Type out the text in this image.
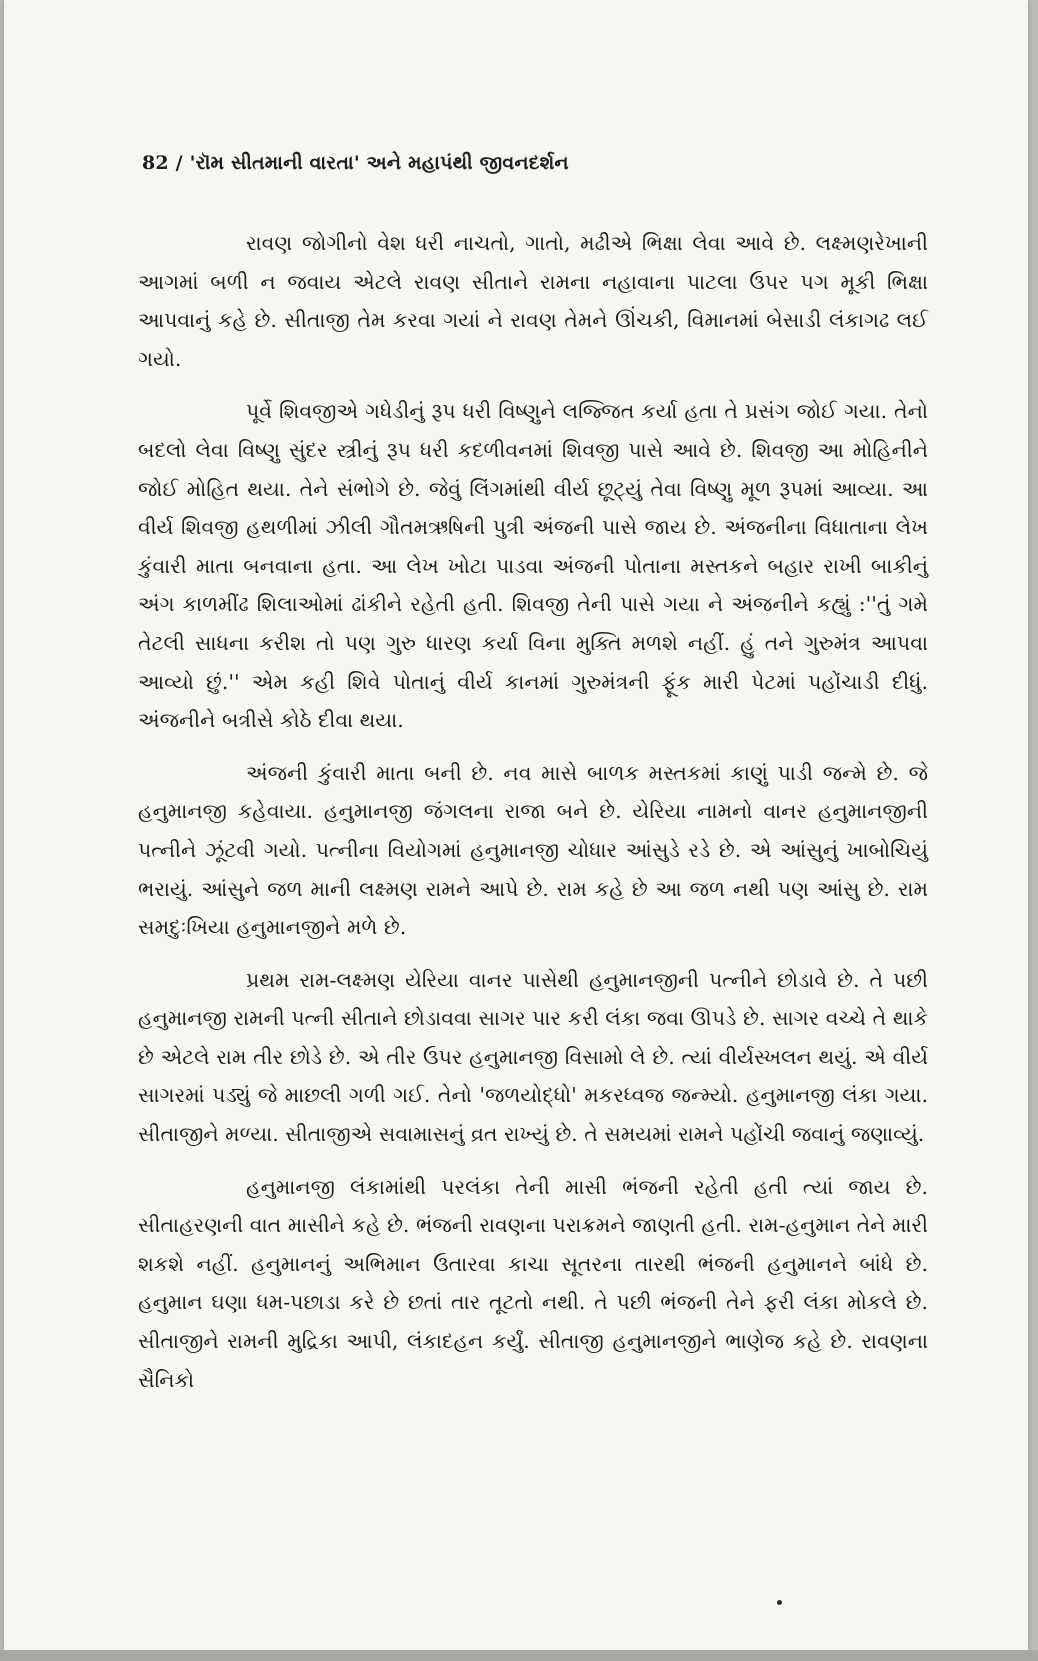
82 / 'રૉમ સીતમાની વારતા' અને મહાપંથી જીવનદર્શન

રાવણ જોગીનો વેશ ધરી નાચતો, ગાતો, મઢીએ ભિક્ષા લેવા આવે છે. લક્ષ્મણરેખાની આગમાં બળી ન જવાય એટલે રાવણ સીતાને રામના નહાવાના પાટલા ઉપર પગ મૂકી ભિક્ષા આપવાનું કહે છે. સીતાજી તેમ કરવા ગયાં ને રાવણ તેમને ઊંચકી, વિમાનમાં બેસાડી લંકાગઢ લઈ ગયો.

પૂર્વે શિવજીએ ગધેડીનું રૂપ ધરી વિષ્ણુને લજ્જિત કર્યા હતા તે પ્રસંગ જોઈ ગયા. તેનો બદલો લેવા વિષ્ણુ સુંદર સ્ત્રીનું રૂપ ધરી કદળીવનમાં શિવજી પાસે આવે છે. શિવજી આ મોહિનીને જોઈ મોહિત થયા. તેને સંભોગે છે. જેવું લિંગમાંથી વીર્ય છૂટ્યું તેવા વિષ્ણુ મૂળ રૂપમાં આવ્યા. આ વીર્ય શિવજી હથળીમાં ઝીલી ગૌતમઋષિની પુત્રી અંજની પાસે જાય છે. અંજનીના વિધાતાના લેખ કુંવારી માતા બનવાના હતા. આ લેખ ખોટા પાડવા અંજની પોતાના મસ્તકને બહાર રાખી બાકીનું અંગ કાળમીંઢ શિલાઓમાં ઢાંકીને રહેતી હતી. શિવજી તેની પાસે ગયા ને અંજનીને કહ્યું :''તું ગમે તેટલી સાધના કરીશ તો પણ ગુરુ ધારણ કર્યા વિના મુક્તિ મળશે નહીં. હું તને ગુરુમંત્ર આપવા આવ્યો છું.'' એમ કહી શિવે પોતાનું વીર્ય કાનમાં ગુરુમંત્રની ફૂંક મારી પેટમાં પહોંચાડી દીધું. અંજનીને બત્રીસે કોઠે દીવા થયા.

અંજની કુંવારી માતા બની છે. નવ માસે બાળક મસ્તકમાં કાણું પાડી જન્મે છે. જે હનુમાનજી કહેવાયા. હનુમાનજી જંગલના રાજા બને છે. યેરિયા નામનો વાનર હનુમાનજીની પત્નીને ઝૂંટવી ગયો. પત્નીના વિયોગમાં હનુમાનજી ચોધાર આંસુડે રડે છે. એ આંસુનું ખાબોચિયું ભરાયું. આંસુને જળ માની લક્ષ્મણ રામને આપે છે. રામ કહે છે આ જળ નથી પણ આંસુ છે. રામ સમદુઃખિયા હનુમાનજીને મળે છે.

પ્રથમ રામ-લક્ષ્મણ યેરિયા વાનર પાસેથી હનુમાનજીની પત્નીને છોડાવે છે. તે પછી હનુમાનજી રામની પત્ની સીતાને છોડાવવા સાગર પાર કરી લંકા જવા ઊપડે છે. સાગર વચ્ચે તે થાકે છે એટલે રામ તીર છોડે છે. એ તીર ઉપર હનુમાનજી વિસામો લે છે. ત્યાં વીર્યસ્ખલન થયું. એ વીર્ય સાગરમાં પડ્યું જે માછલી ગળી ગઈ. તેનો 'જળયોદ્ધો' મકરધ્વજ જન્મ્યો. હનુમાનજી લંકા ગયા. સીતાજીને મળ્યા. સીતાજીએ સવામાસનું વ્રત રાખ્યું છે. તે સમયમાં રામને પહોંચી જવાનું જણાવ્યું.

હનુમાનજી લંકામાંથી પરલંકા તેની માસી ભંજની રહેતી હતી ત્યાં જાય છે. સીતાહરણની વાત માસીને કહે છે. ભંજની રાવણના પરાક્રમને જાણતી હતી. રામ-હનુમાન તેને મારી શકશે નહીં. હનુમાનનું અભિમાન ઉતારવા કાચા સૂતરના તારથી ભંજની હનુમાનને બાંધે છે. હનુમાન ઘણા ધમ-પછાડા કરે છે છતાં તાર તૂટતો નથી. તે પછી ભંજની તેને ફરી લંકા મોકલે છે. સીતાજીને રામની મુદ્રિકા આપી, લંકાદહન કર્યું. સીતાજી હનુમાનજીને ભાણેજ કહે છે. રાવણના સૈનિકો
